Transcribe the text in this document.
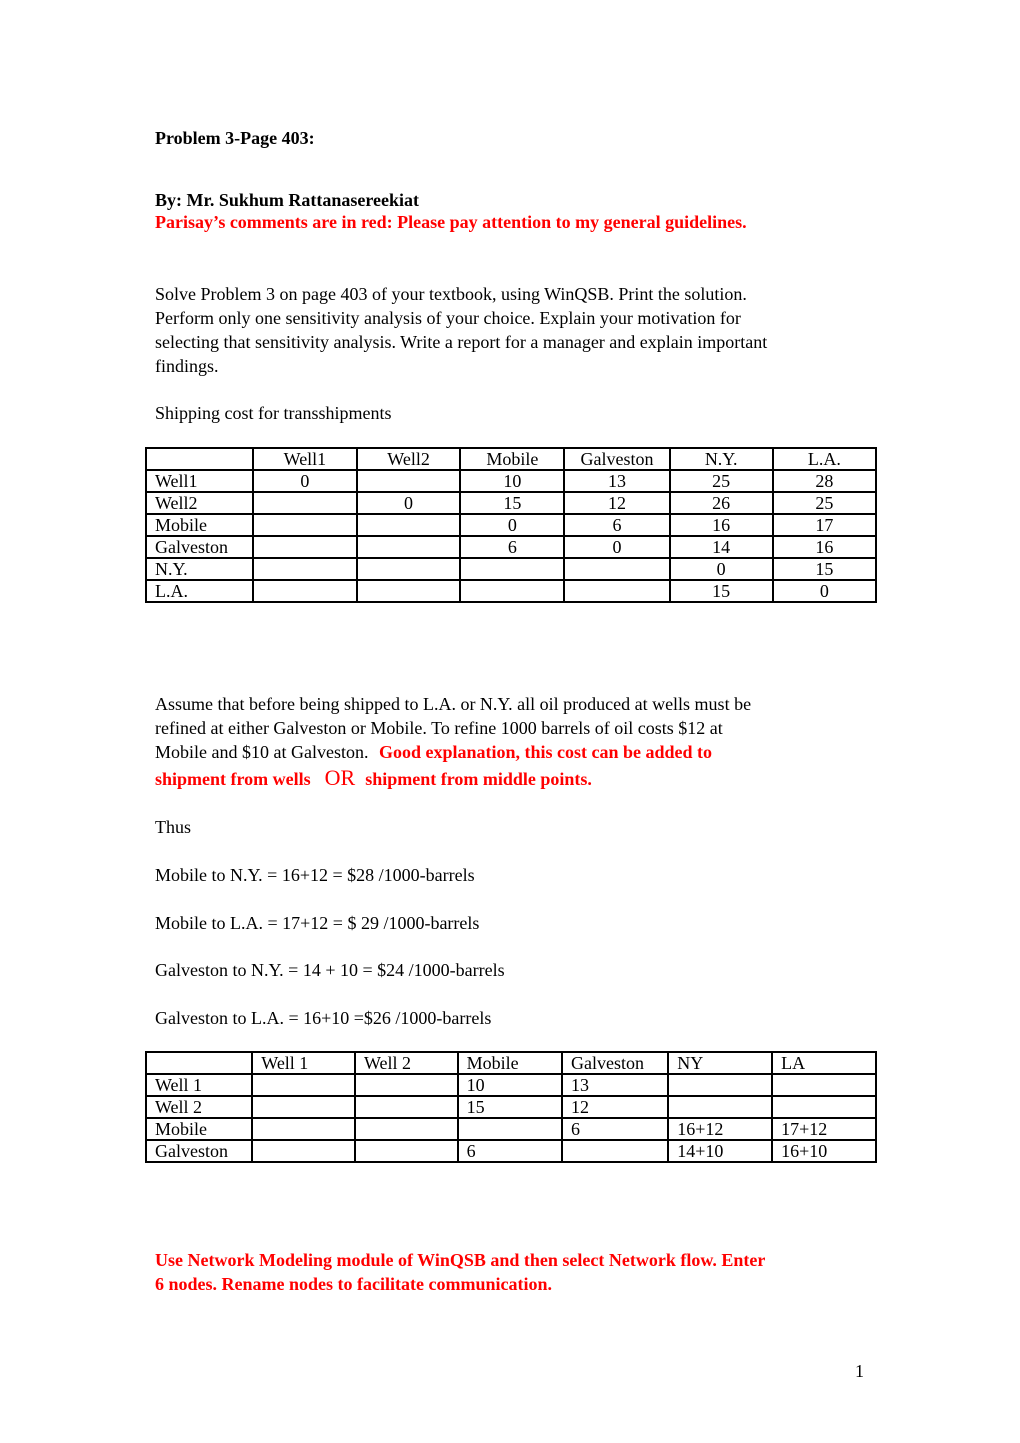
Problem 3-Page 403:
By: Mr. Sukhum Rattanasereekiat
Parisay’s comments are in red: Please pay attention to my general guidelines.
Solve Problem 3 on page 403 of your textbook, using WinQSB. Print the solution.
Perform only one sensitivity analysis of your choice. Explain your motivation for
selecting that sensitivity analysis. Write a report for a manager and explain important
findings.
Shipping cost for transshipments
	Well1	Well2	Mobile	Galveston	N.Y.	L.A.
Well1	0		10	13	25	28
Well2		0	15	12	26	25
Mobile			0	6	16	17
Galveston			6	0	14	16
N.Y.					0	15
L.A.					15	0
Assume that before being shipped to L.A. or N.Y. all oil produced at wells must be
refined at either Galveston or Mobile. To refine 1000 barrels of oil costs $12 at
Mobile and $10 at Galveston. Good explanation, this cost can be added to
shipment from wells OR shipment from middle points.
Thus
Mobile to N.Y. = 16+12 = $28 /1000-barrels
Mobile to L.A. = 17+12 = $ 29 /1000-barrels
Galveston to N.Y. = 14 + 10 = $24 /1000-barrels
Galveston to L.A. = 16+10 =$26 /1000-barrels
	Well 1	Well 2	Mobile	Galveston	NY	LA
Well 1			10	13		
Well 2			15	12		
Mobile				6	16+12	17+12
Galveston			6		14+10	16+10
Use Network Modeling module of WinQSB and then select Network flow. Enter
6 nodes. Rename nodes to facilitate communication.
1
